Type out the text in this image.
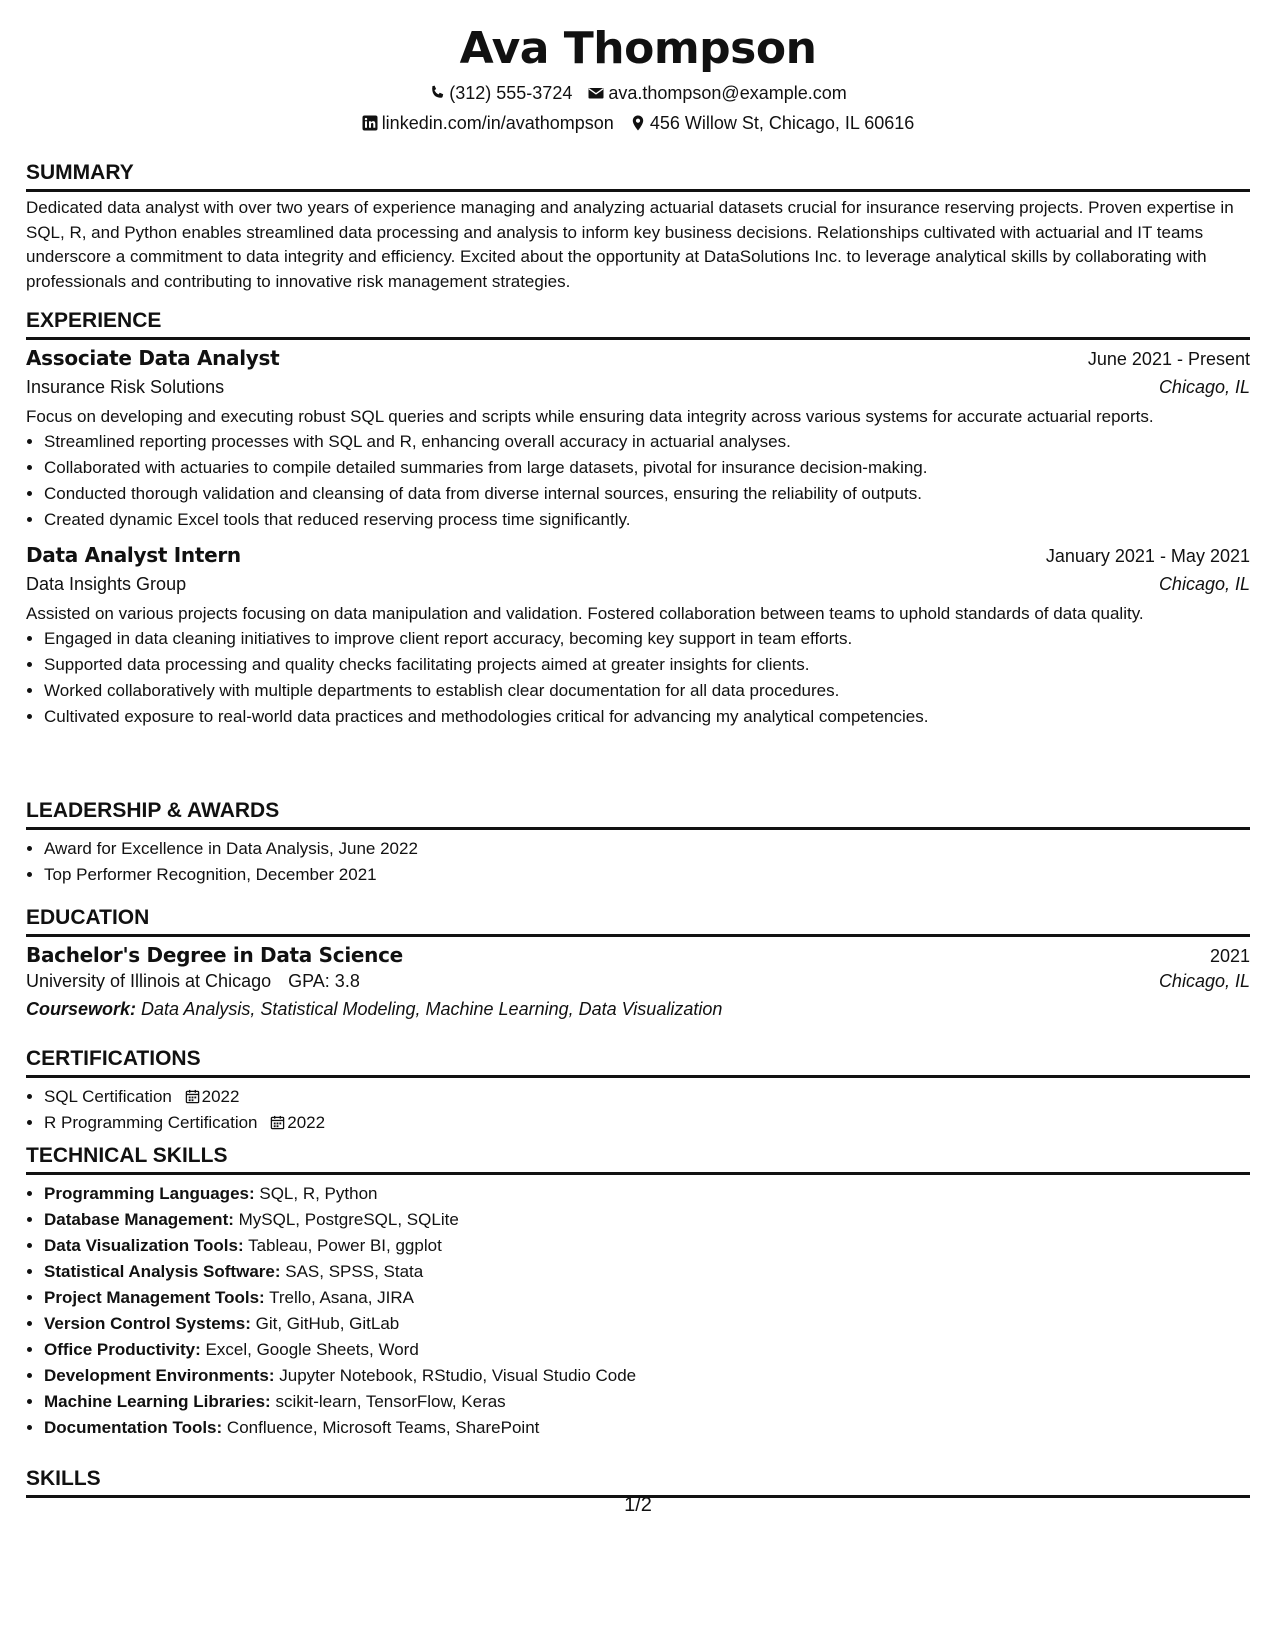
Ava Thompson
(312) 555-3724 ava.thompson@example.com
linkedin.com/in/avathompson 456 Willow St, Chicago, IL 60616
SUMMARY

Dedicated data analyst with over two years of experience managing and analyzing actuarial datasets crucial for insurance reserving projects. Proven expertise in SQL, R, and Python enables streamlined data processing and analysis to inform key business decisions. Relationships cultivated with actuarial and IT teams underscore a commitment to data integrity and efficiency. Excited about the opportunity at DataSolutions Inc. to leverage analytical skills by collaborating with professionals and contributing to innovative risk management strategies.

EXPERIENCE
Associate Data Analyst	June 2021 - Present
Insurance Risk Solutions	Chicago, IL

Focus on developing and executing robust SQL queries and scripts while ensuring data integrity across various systems for accurate actuarial reports.

• Streamlined reporting processes with SQL and R, enhancing overall accuracy in actuarial analyses.
• Collaborated with actuaries to compile detailed summaries from large datasets, pivotal for insurance decision-making.
• Conducted thorough validation and cleansing of data from diverse internal sources, ensuring the reliability of outputs.
• Created dynamic Excel tools that reduced reserving process time significantly.
Data Analyst Intern	January 2021 - May 2021
Data Insights Group	Chicago, IL

Assisted on various projects focusing on data manipulation and validation. Fostered collaboration between teams to uphold standards of data quality.

• Engaged in data cleaning initiatives to improve client report accuracy, becoming key support in team efforts.
• Supported data processing and quality checks facilitating projects aimed at greater insights for clients.
• Worked collaboratively with multiple departments to establish clear documentation for all data procedures.
• Cultivated exposure to real-world data practices and methodologies critical for advancing my analytical competencies.
LEADERSHIP & AWARDS
• Award for Excellence in Data Analysis, June 2022
• Top Performer Recognition, December 2021
EDUCATION
Bachelor's Degree in Data Science	2021
University of Illinois at Chicago GPA: 3.8	Chicago, IL
Coursework: Data Analysis, Statistical Modeling, Machine Learning, Data Visualization
CERTIFICATIONS
• SQL Certification 2022
• R Programming Certification 2022
TECHNICAL SKILLS
• Programming Languages: SQL, R, Python
• Database Management: MySQL, PostgreSQL, SQLite
• Data Visualization Tools: Tableau, Power BI, ggplot
• Statistical Analysis Software: SAS, SPSS, Stata
• Project Management Tools: Trello, Asana, JIRA
• Version Control Systems: Git, GitHub, GitLab
• Office Productivity: Excel, Google Sheets, Word
• Development Environments: Jupyter Notebook, RStudio, Visual Studio Code
• Machine Learning Libraries: scikit-learn, TensorFlow, Keras
• Documentation Tools: Confluence, Microsoft Teams, SharePoint
SKILLS
1/2
